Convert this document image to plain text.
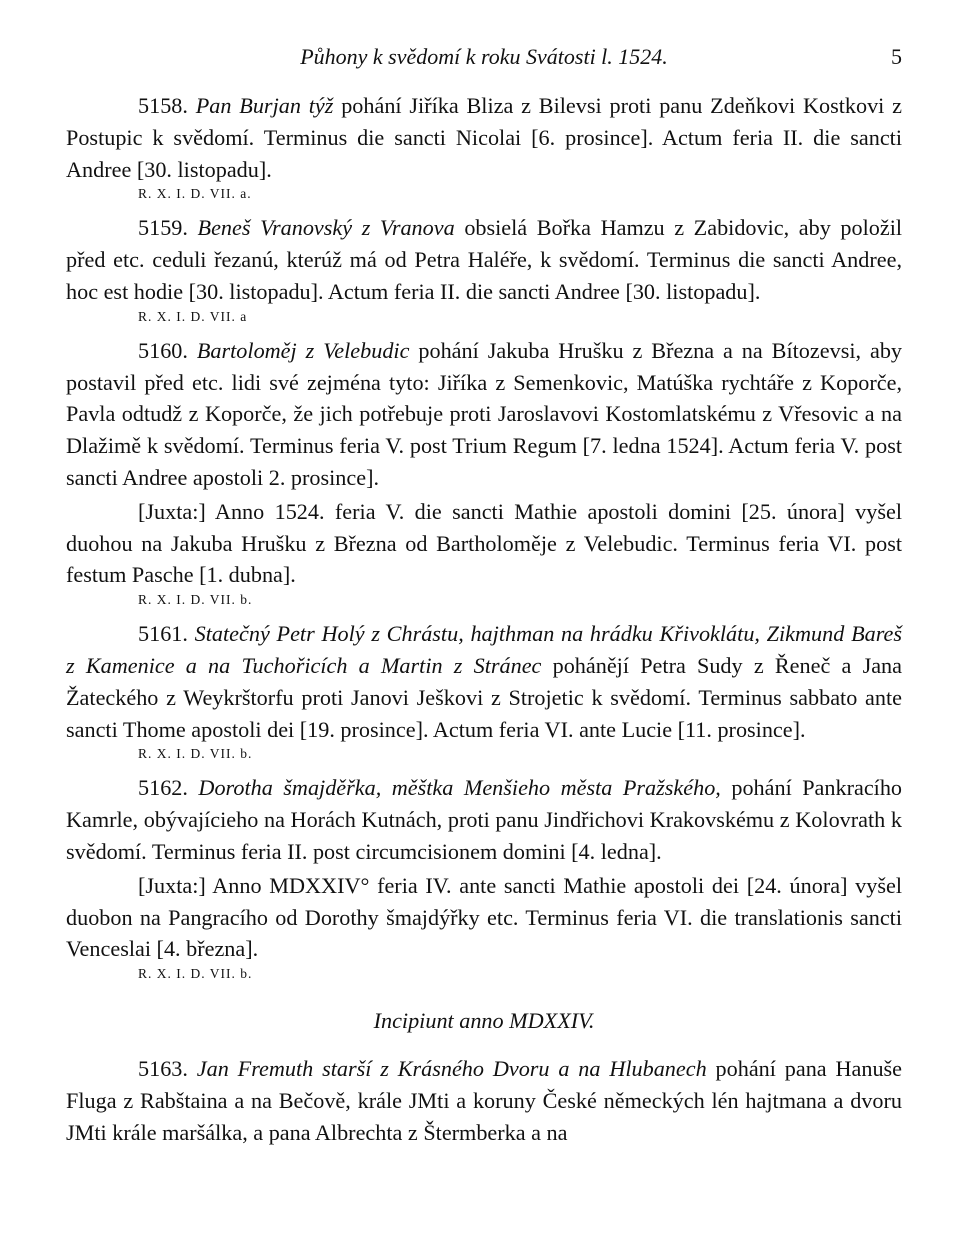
Půhony k svědomí k roku Svátosti l. 1524.	5

5158. Pan Burjan týž pohání Jiříka Bliza z Bilevsi proti panu Zdeňkovi Kostkovi z Postupic k svědomí. Terminus die sancti Nicolai [6. prosince]. Actum feria II. die sancti Andree [30. listopadu].

R. X. I. D. VII. a.

5159. Beneš Vranovský z Vranova obsielá Bořka Hamzu z Zabidovic, aby položil před etc. ceduli řezanú, kterúž má od Petra Haléře, k svědomí. Terminus die sancti Andree, hoc est hodie [30. listopadu]. Actum feria II. die sancti Andree [30. listopadu].

R. X. I. D. VII. a

5160. Bartoloměj z Velebudic pohání Jakuba Hrušku z Března a na Bítozevsi, aby postavil před etc. lidi své zejména tyto: Jiříka z Semenkovic, Matúška rychtáře z Koporče, Pavla odtudž z Koporče, že jich potřebuje proti Jaroslavovi Kostomlatskému z Vřesovic a na Dlažimě k svědomí. Terminus feria V. post Trium Regum [7. ledna 1524]. Actum feria V. post sancti Andree apostoli 2. prosince].

[Juxta:] Anno 1524. feria V. die sancti Mathie apostoli domini [25. února] vyšel duohou na Jakuba Hrušku z Března od Bartholoměje z Velebudic. Terminus feria VI. post festum Pasche [1. dubna].

R. X. I. D. VII. b.

5161. Statečný Petr Holý z Chrástu, hajthman na hrádku Křivoklátu, Zikmund Bareš z Kamenice a na Tuchořicích a Martin z Stránec pohánějí Petra Sudy z Řeneč a Jana Žateckého z Weykrštorfu proti Janovi Ješkovi z Strojetic k svědomí. Terminus sabbato ante sancti Thome apostoli dei [19. prosince]. Actum feria VI. ante Lucie [11. prosince].

R. X. I. D. VII. b.

5162. Dorotha šmajděřka, měštka Menšieho města Pražského, pohání Pankracího Kamrle, obývajícieho na Horách Kutnách, proti panu Jindřichovi Krakovskému z Kolovrath k svědomí. Terminus feria II. post circumcisionem domini [4. ledna].

[Juxta:] Anno MDXXIV° feria IV. ante sancti Mathie apostoli dei [24. února] vyšel duobon na Pangracího od Dorothy šmajdýřky etc. Terminus feria VI. die translationis sancti Venceslai [4. března].

R. X. I. D. VII. b.
Incipiunt anno MDXXIV.

5163. Jan Fremuth starší z Krásného Dvoru a na Hlubanech pohání pana Hanuše Fluga z Rabštaina a na Bečově, krále JMti a koruny České německých lén hajtmana a dvoru JMti krále maršálka, a pana Albrechta z Štermberka a na
